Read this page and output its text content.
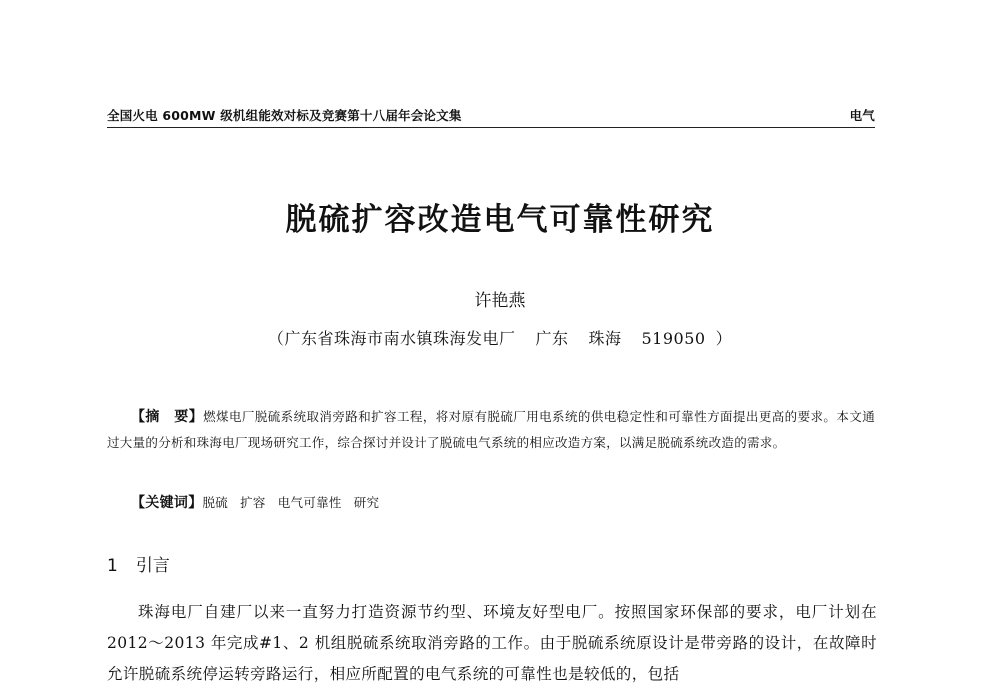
全国火电 600MW 级机组能效对标及竞赛第十八届年会论文集	电气
脱硫扩容改造电气可靠性研究
许艳燕
（广东省珠海市南水镇珠海发电厂 广东 珠海 519050 ）
【摘　要】燃煤电厂脱硫系统取消旁路和扩容工程，将对原有脱硫厂用电系统的供电稳定性和可靠性方面提出更高的要求。本文通过大量的分析和珠海电厂现场研究工作，综合探讨并设计了脱硫电气系统的相应改造方案，以满足脱硫系统改造的需求。
【关键词】脱硫 扩容 电气可靠性 研究
1 引言
珠海电厂自建厂以来一直努力打造资源节约型、环境友好型电厂。按照国家环保部的要求，电厂计划在 2012～2013 年完成#1、2 机组脱硫系统取消旁路的工作。由于脱硫系统原设计是带旁路的设计，在故障时允许脱硫系统停运转旁路运行，相应所配置的电气系统的可靠性也是较低的，包括
